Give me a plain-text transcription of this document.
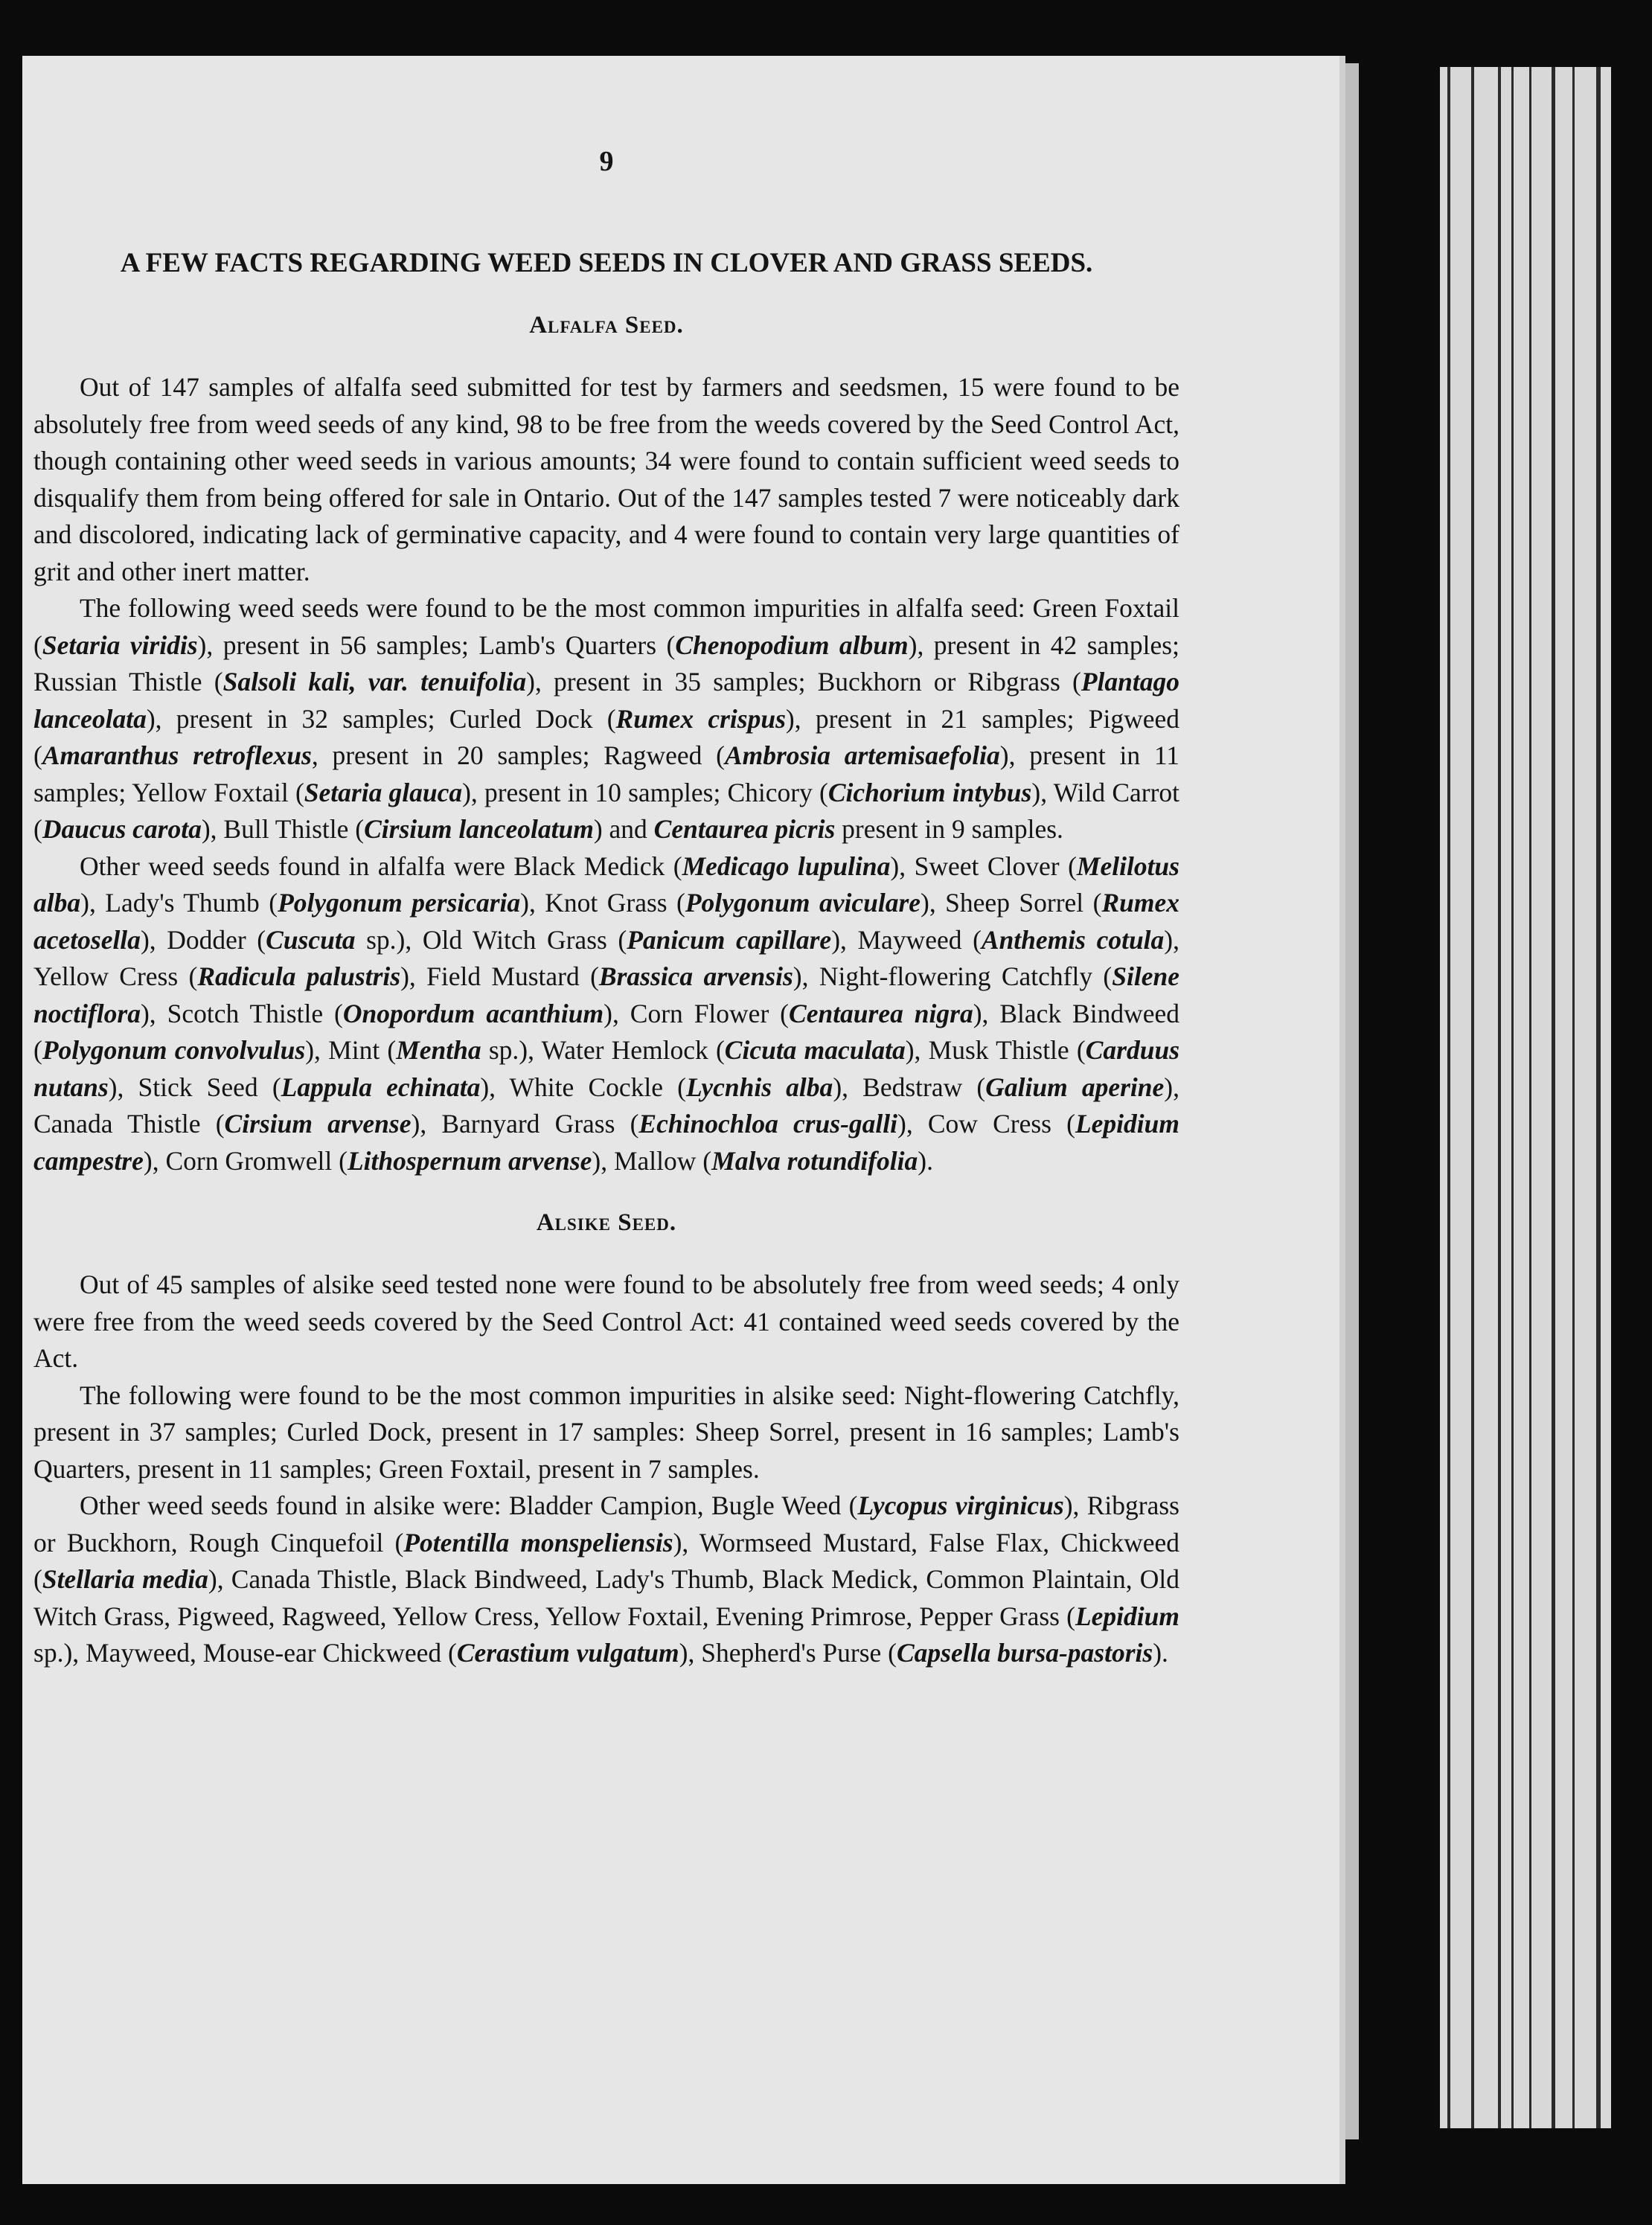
9
A FEW FACTS REGARDING WEED SEEDS IN CLOVER AND GRASS SEEDS.
Alfalfa Seed.

Out of 147 samples of alfalfa seed submitted for test by farmers and seedsmen, 15 were found to be absolutely free from weed seeds of any kind, 98 to be free from the weeds covered by the Seed Control Act, though containing other weed seeds in various amounts; 34 were found to contain sufficient weed seeds to disqualify them from being offered for sale in Ontario. Out of the 147 samples tested 7 were noticeably dark and discolored, indicating lack of germinative capacity, and 4 were found to contain very large quantities of grit and other inert matter.

The following weed seeds were found to be the most common impurities in alfalfa seed: Green Foxtail (Setaria viridis), present in 56 samples; Lamb's Quarters (Chenopodium album), present in 42 samples; Russian Thistle (Salsoli kali, var. tenuifolia), present in 35 samples; Buckhorn or Ribgrass (Plantago lanceolata), present in 32 samples; Curled Dock (Rumex crispus), present in 21 samples; Pigweed (Amaranthus retroflexus, present in 20 samples; Ragweed (Ambrosia artemisaefolia), present in 11 samples; Yellow Foxtail (Setaria glauca), present in 10 samples; Chicory (Cichorium intybus), Wild Carrot (Daucus carota), Bull Thistle (Cirsium lanceolatum) and Centaurea picris present in 9 samples.

Other weed seeds found in alfalfa were Black Medick (Medicago lupulina), Sweet Clover (Melilotus alba), Lady's Thumb (Polygonum persicaria), Knot Grass (Polygonum aviculare), Sheep Sorrel (Rumex acetosella), Dodder (Cuscuta sp.), Old Witch Grass (Panicum capillare), Mayweed (Anthemis cotula), Yellow Cress (Radicula palustris), Field Mustard (Brassica arvensis), Night-flowering Catchfly (Silene noctiflora), Scotch Thistle (Onopordum acanthium), Corn Flower (Centaurea nigra), Black Bindweed (Polygonum convolvulus), Mint (Mentha sp.), Water Hemlock (Cicuta maculata), Musk Thistle (Carduus nutans), Stick Seed (Lappula echinata), White Cockle (Lycnhis alba), Bedstraw (Galium aperine), Canada Thistle (Cirsium arvense), Barnyard Grass (Echinochloa crus-galli), Cow Cress (Lepidium campestre), Corn Gromwell (Lithospernum arvense), Mallow (Malva rotundifolia).

Alsike Seed.

Out of 45 samples of alsike seed tested none were found to be absolutely free from weed seeds; 4 only were free from the weed seeds covered by the Seed Control Act: 41 contained weed seeds covered by the Act.

The following were found to be the most common impurities in alsike seed: Night-flowering Catchfly, present in 37 samples; Curled Dock, present in 17 samples: Sheep Sorrel, present in 16 samples; Lamb's Quarters, present in 11 samples; Green Foxtail, present in 7 samples.

Other weed seeds found in alsike were: Bladder Campion, Bugle Weed (Lycopus virginicus), Ribgrass or Buckhorn, Rough Cinquefoil (Potentilla monspeliensis), Wormseed Mustard, False Flax, Chickweed (Stellaria media), Canada Thistle, Black Bindweed, Lady's Thumb, Black Medick, Common Plaintain, Old Witch Grass, Pigweed, Ragweed, Yellow Cress, Yellow Foxtail, Evening Primrose, Pepper Grass (Lepidium sp.), Mayweed, Mouse-ear Chickweed (Cerastium vulgatum), Shepherd's Purse (Capsella bursa-pastoris).
